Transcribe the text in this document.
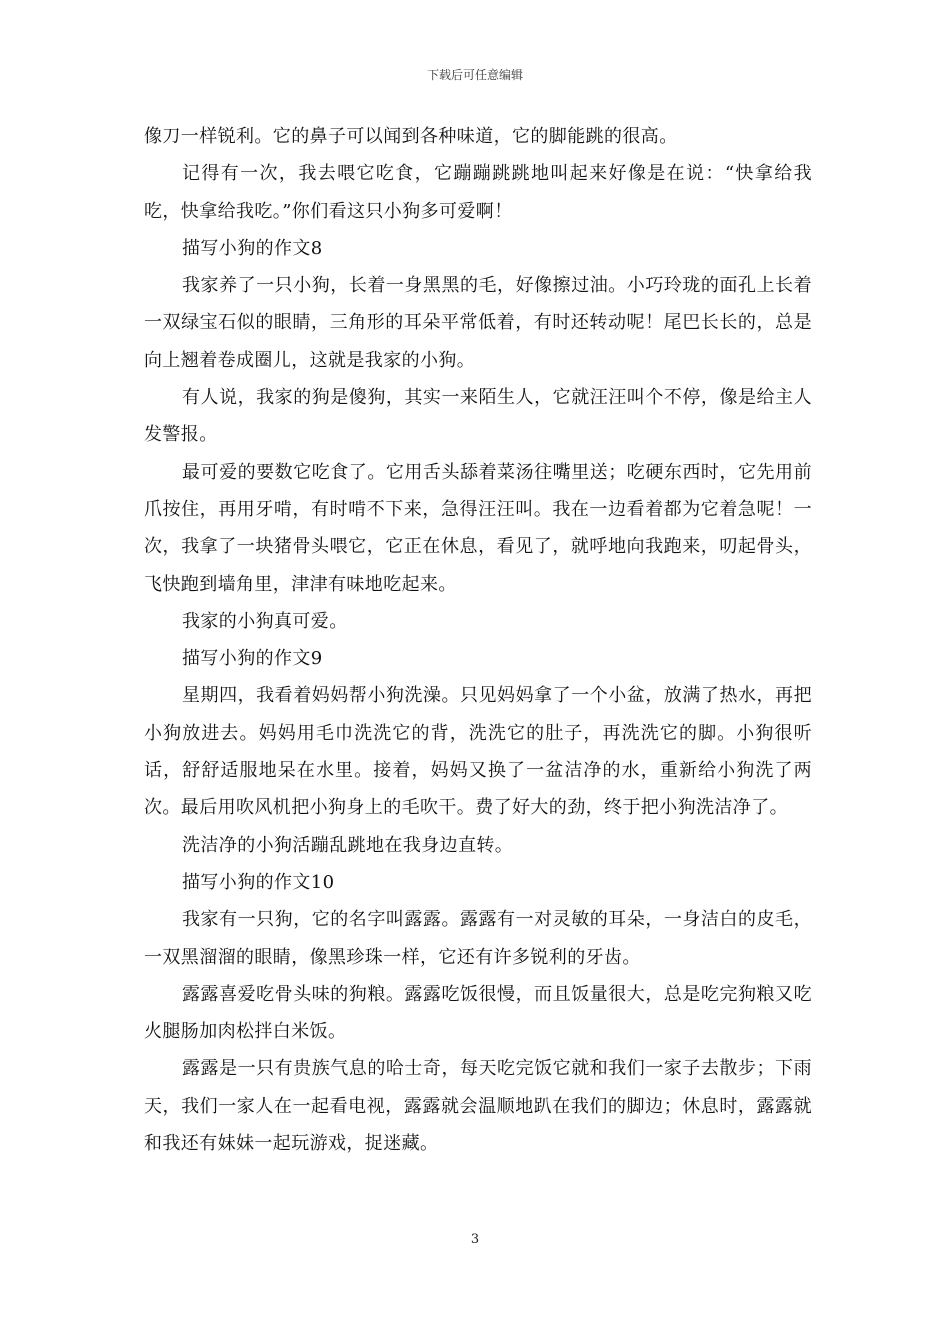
下载后可任意编辑

像刀一样锐利。它的鼻子可以闻到各种味道，它的脚能跳的很高。

记得有一次，我去喂它吃食，它蹦蹦跳跳地叫起来好像是在说：“快拿给我吃，快拿给我吃。”你们看这只小狗多可爱啊！

描写小狗的作文8

我家养了一只小狗，长着一身黑黑的毛，好像擦过油。小巧玲珑的面孔上长着一双绿宝石似的眼睛，三角形的耳朵平常低着，有时还转动呢！尾巴长长的，总是向上翘着卷成圈儿，这就是我家的小狗。

有人说，我家的狗是傻狗，其实一来陌生人，它就汪汪叫个不停，像是给主人发警报。

最可爱的要数它吃食了。它用舌头舔着菜汤往嘴里送；吃硬东西时，它先用前爪按住，再用牙啃，有时啃不下来，急得汪汪叫。我在一边看着都为它着急呢！一次，我拿了一块猪骨头喂它，它正在休息，看见了，就呼地向我跑来，叨起骨头，飞快跑到墙角里，津津有味地吃起来。

我家的小狗真可爱。

描写小狗的作文9

星期四，我看着妈妈帮小狗洗澡。只见妈妈拿了一个小盆，放满了热水，再把小狗放进去。妈妈用毛巾洗洗它的背，洗洗它的肚子，再洗洗它的脚。小狗很听话，舒舒适服地呆在水里。接着，妈妈又换了一盆洁净的水，重新给小狗洗了两次。最后用吹风机把小狗身上的毛吹干。费了好大的劲，终于把小狗洗洁净了。

洗洁净的小狗活蹦乱跳地在我身边直转。

描写小狗的作文10

我家有一只狗，它的名字叫露露。露露有一对灵敏的耳朵，一身洁白的皮毛，一双黑溜溜的眼睛，像黑珍珠一样，它还有许多锐利的牙齿。

露露喜爱吃骨头味的狗粮。露露吃饭很慢，而且饭量很大，总是吃完狗粮又吃火腿肠加肉松拌白米饭。

露露是一只有贵族气息的哈士奇，每天吃完饭它就和我们一家子去散步；下雨天，我们一家人在一起看电视，露露就会温顺地趴在我们的脚边；休息时，露露就和我还有妹妹一起玩游戏，捉迷藏。

3
